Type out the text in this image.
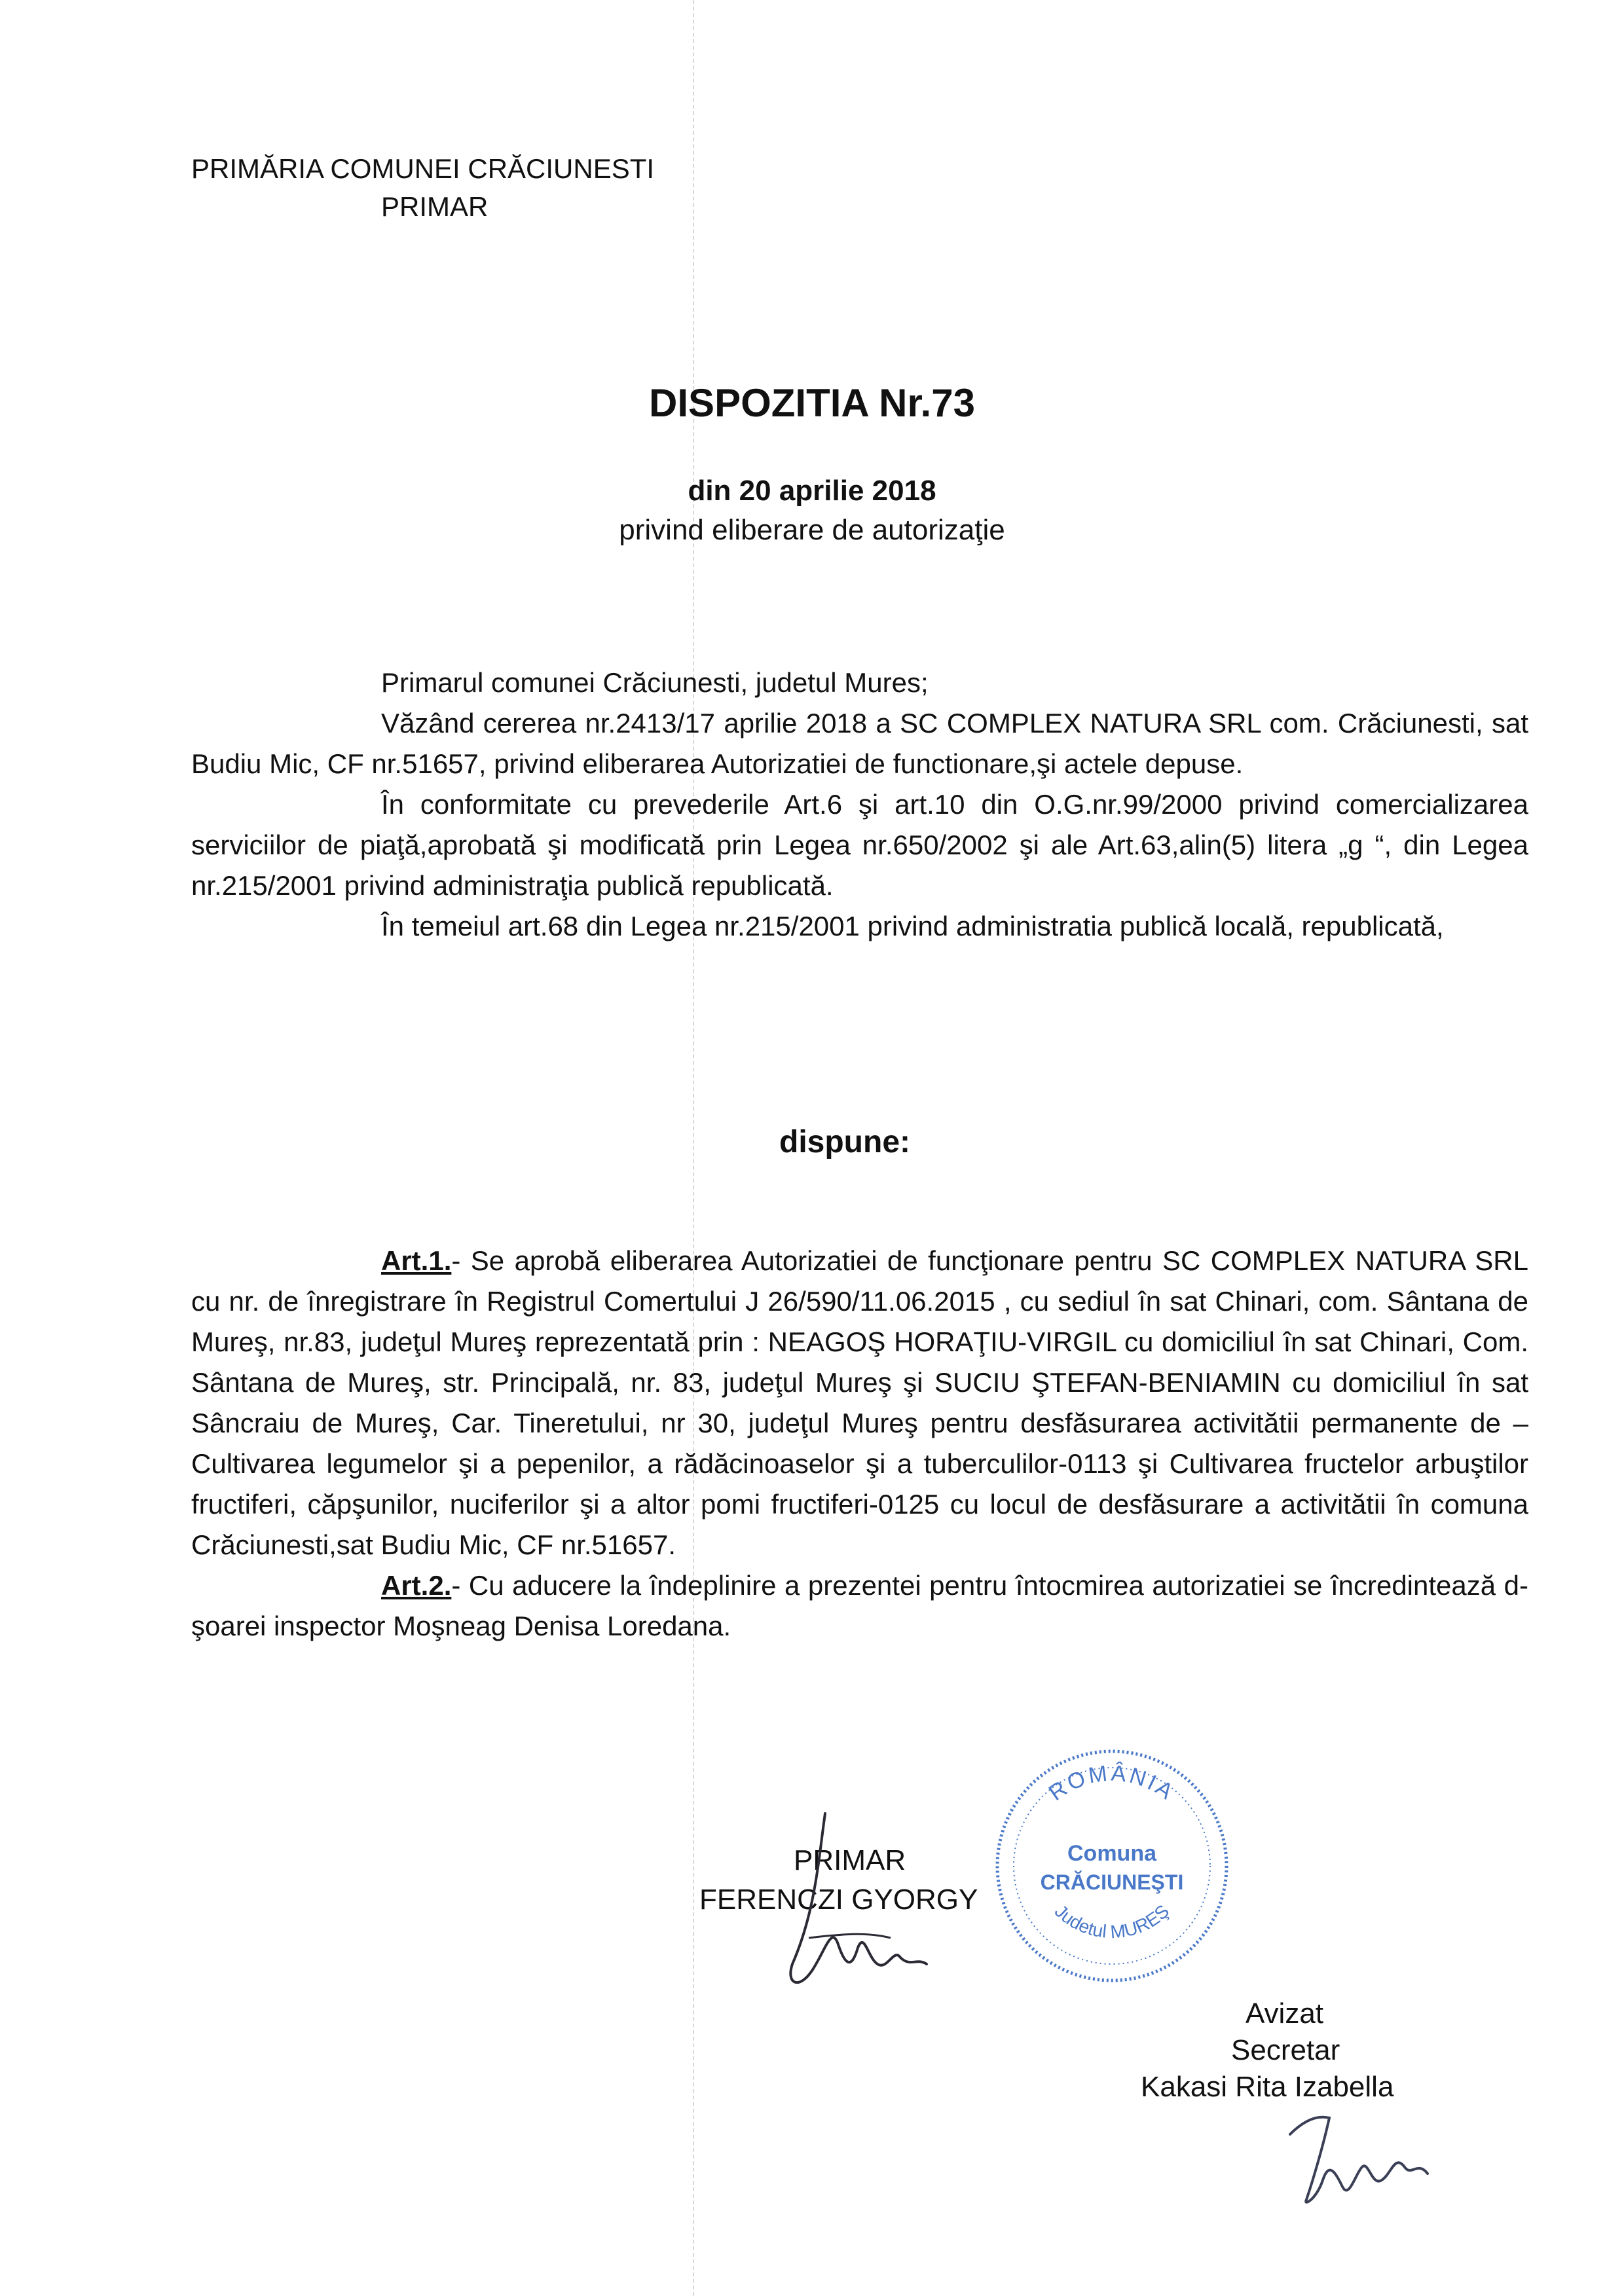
PRIMĂRIA COMUNEI CRĂCIUNESTI
PRIMAR
DISPOZITIA Nr.73
din 20 aprilie 2018
privind eliberare de autorizaţie

Primarul comunei Crăciunesti, judetul Mures;

Văzând cererea nr.2413/17 aprilie 2018 a SC COMPLEX NATURA SRL com. Crăciunesti, sat Budiu Mic, CF nr.51657, privind eliberarea Autorizatiei de functionare,şi actele depuse.

În conformitate cu prevederile Art.6 şi art.10 din O.G.nr.99/2000 privind comercializarea serviciilor de piaţă,aprobată şi modificată prin Legea nr.650/2002 şi ale Art.63,alin(5) litera „g “, din Legea nr.215/2001 privind administraţia publică republicată.

În temeiul art.68 din Legea nr.215/2001 privind administratia publică locală, republicată,

dispune:

Art.1.- Se aprobă eliberarea Autorizatiei de funcţionare pentru SC COMPLEX NATURA SRL cu nr. de înregistrare în Registrul Comertului J 26/590/11.06.2015 , cu sediul în sat Chinari, com. Sântana de Mureş, nr.83, judeţul Mureş reprezentată prin : NEAGOŞ HORAŢIU-VIRGIL cu domiciliul în sat Chinari, Com. Sântana de Mureş, str. Principală, nr. 83, judeţul Mureş şi SUCIU ŞTEFAN-BENIAMIN cu domiciliul în sat Sâncraiu de Mureş, Car. Tineretului, nr 30, judeţul Mureş pentru desfăsurarea activitătii permanente de – Cultivarea legumelor şi a pepenilor, a rădăcinoaselor şi a tuberculilor-0113 şi Cultivarea fructelor arbuştilor fructiferi, căpşunilor, nuciferilor şi a altor pomi fructiferi-0125 cu locul de desfăsurare a activitătii în comuna Crăciunesti,sat Budiu Mic, CF nr.51657.

Art.2.- Cu aducere la îndeplinire a prezentei pentru întocmirea autorizatiei se încredintează d-şoarei inspector Moşneag Denisa Loredana.

PRIMAR
FERENCZI GYORGY
ROMÂNIA
Comuna
CRĂCIUNEŞTI
Judetul MUREŞ
Avizat
Secretar
Kakasi Rita Izabella
